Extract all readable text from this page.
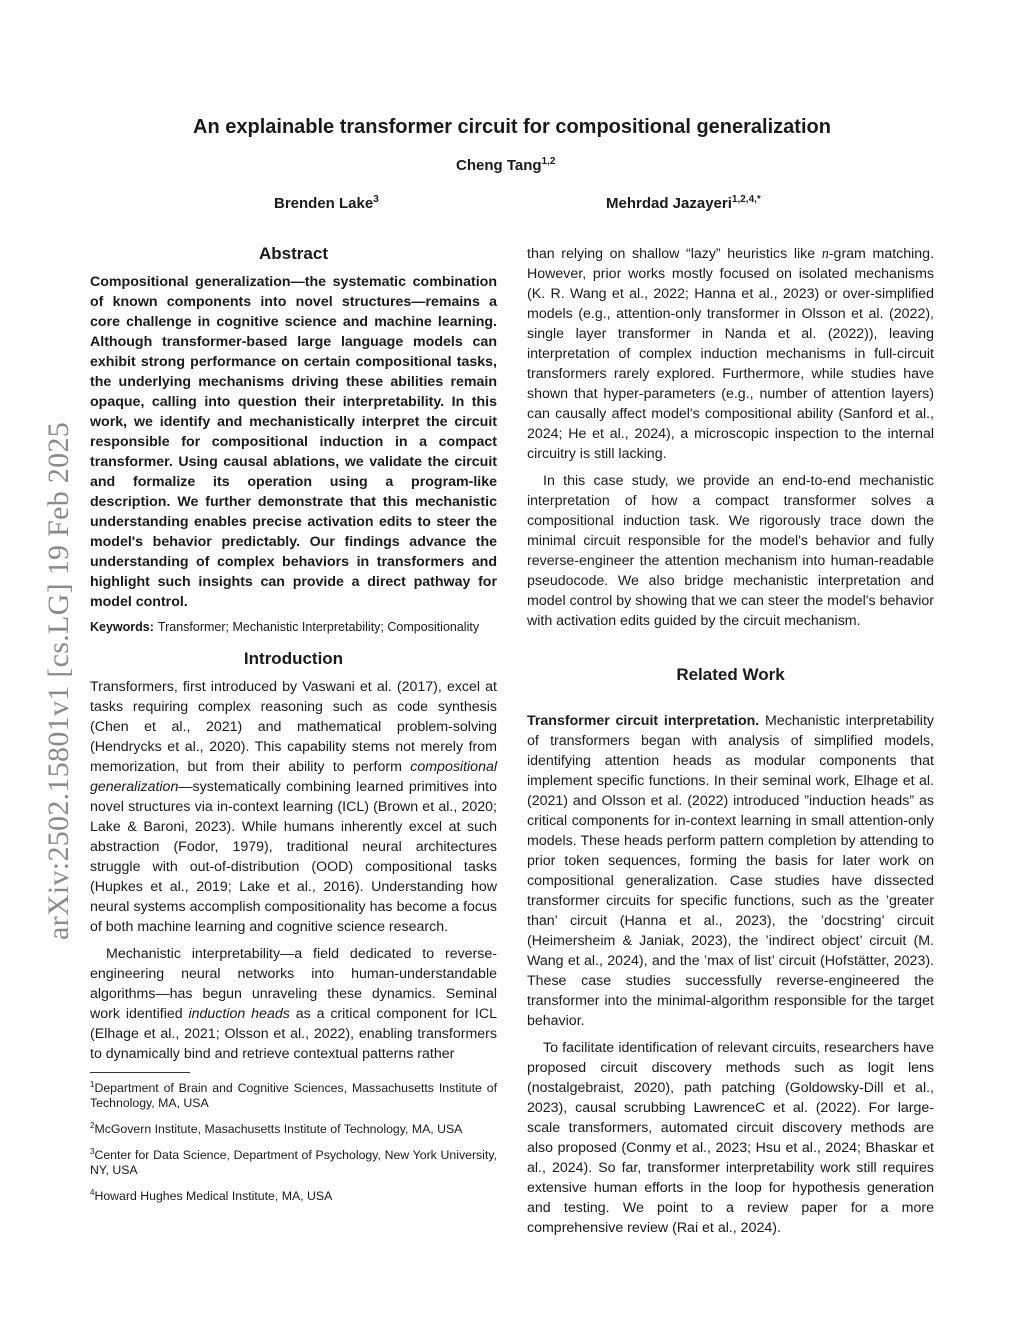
arXiv:2502.15801v1 [cs.LG] 19 Feb 2025
An explainable transformer circuit for compositional generalization
Cheng Tang$^{1,2}$
Brenden Lake$^3$	Mehrdad Jazayeri$^{1,2,4,*}$
Abstract

Compositional generalization—the systematic combination of known components into novel structures—remains a core challenge in cognitive science and machine learning. Although transformer-based large language models can exhibit strong performance on certain compositional tasks, the underlying mechanisms driving these abilities remain opaque, calling into question their interpretability. In this work, we identify and mechanistically interpret the circuit responsible for compositional induction in a compact transformer. Using causal ablations, we validate the circuit and formalize its operation using a program-like description. We further demonstrate that this mechanistic understanding enables precise activation edits to steer the model's behavior predictably. Our findings advance the understanding of complex behaviors in transformers and highlight such insights can provide a direct pathway for model control.

Keywords: Transformer; Mechanistic Interpretability; Compositionality

Introduction

Transformers, first introduced by Vaswani et al. (2017), excel at tasks requiring complex reasoning such as code synthesis (Chen et al., 2021) and mathematical problem-solving (Hendrycks et al., 2020). This capability stems not merely from memorization, but from their ability to perform compositional generalization—systematically combining learned primitives into novel structures via in-context learning (ICL) (Brown et al., 2020; Lake & Baroni, 2023). While humans inherently excel at such abstraction (Fodor, 1979), traditional neural architectures struggle with out-of-distribution (OOD) compositional tasks (Hupkes et al., 2019; Lake et al., 2016). Understanding how neural systems accomplish compositionality has become a focus of both machine learning and cognitive science research.

Mechanistic interpretability—a field dedicated to reverse-engineering neural networks into human-understandable algorithms—has begun unraveling these dynamics. Seminal work identified induction heads as a critical component for ICL (Elhage et al., 2021; Olsson et al., 2022), enabling transformers to dynamically bind and retrieve contextual patterns rather

$^1$Department of Brain and Cognitive Sciences, Massachusetts Institute of Technology, MA, USA

$^2$McGovern Institute, Masachusetts Institute of Technology, MA, USA

$^3$Center for Data Science, Department of Psychology, New York University, NY, USA

$^4$Howard Hughes Medical Institute, MA, USA

than relying on shallow “lazy” heuristics like n-gram matching. However, prior works mostly focused on isolated mechanisms (K. R. Wang et al., 2022; Hanna et al., 2023) or over-simplified models (e.g., attention-only transformer in Olsson et al. (2022), single layer transformer in Nanda et al. (2022)), leaving interpretation of complex induction mechanisms in full-circuit transformers rarely explored. Furthermore, while studies have shown that hyper-parameters (e.g., number of attention layers) can causally affect model's compositional ability (Sanford et al., 2024; He et al., 2024), a microscopic inspection to the internal circuitry is still lacking.

In this case study, we provide an end-to-end mechanistic interpretation of how a compact transformer solves a compositional induction task. We rigorously trace down the minimal circuit responsible for the model's behavior and fully reverse-engineer the attention mechanism into human-readable pseudocode. We also bridge mechanistic interpretation and model control by showing that we can steer the model's behavior with activation edits guided by the circuit mechanism.

Related Work

Transformer circuit interpretation. Mechanistic interpretability of transformers began with analysis of simplified models, identifying attention heads as modular components that implement specific functions. In their seminal work, Elhage et al. (2021) and Olsson et al. (2022) introduced ”induction heads” as critical components for in-context learning in small attention-only models. These heads perform pattern completion by attending to prior token sequences, forming the basis for later work on compositional generalization. Case studies have dissected transformer circuits for specific functions, such as the ’greater than’ circuit (Hanna et al., 2023), the ’docstring’ circuit (Heimersheim & Janiak, 2023), the ’indirect object’ circuit (M. Wang et al., 2024), and the ’max of list’ circuit (Hofstätter, 2023). These case studies successfully reverse-engineered the transformer into the minimal-algorithm responsible for the target behavior.

To facilitate identification of relevant circuits, researchers have proposed circuit discovery methods such as logit lens (nostalgebraist, 2020), path patching (Goldowsky-Dill et al., 2023), causal scrubbing LawrenceC et al. (2022). For large-scale transformers, automated circuit discovery methods are also proposed (Conmy et al., 2023; Hsu et al., 2024; Bhaskar et al., 2024). So far, transformer interpretability work still requires extensive human efforts in the loop for hypothesis generation and testing. We point to a review paper for a more comprehensive review (Rai et al., 2024).
